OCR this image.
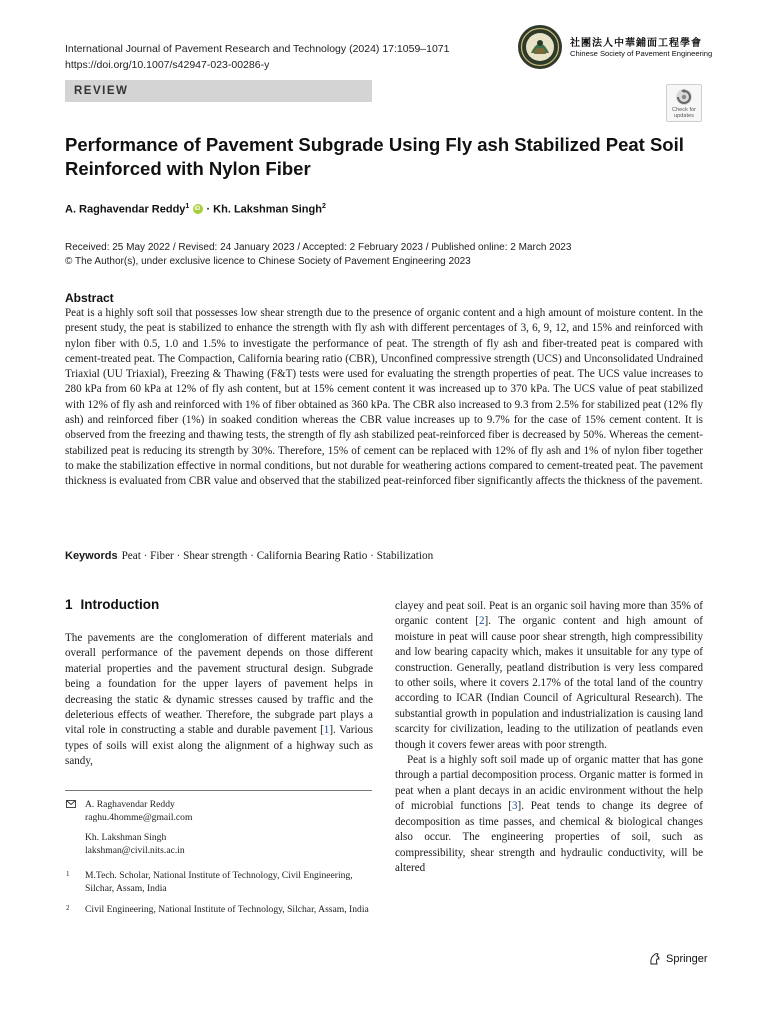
International Journal of Pavement Research and Technology (2024) 17:1059–1071
https://doi.org/10.1007/s42947-023-00286-y
社團法人中華鋪面工程學會
Chinese Society of Pavement Engineering
REVIEW
Check for
updates
Performance of Pavement Subgrade Using Fly ash Stabilized Peat Soil Reinforced with Nylon Fiber
A. Raghavendar Reddy$^1$ iD · Kh. Lakshman Singh$^2$
Received: 25 May 2022 / Revised: 24 January 2023 / Accepted: 2 February 2023 / Published online: 2 March 2023
© The Author(s), under exclusive licence to Chinese Society of Pavement Engineering 2023
Abstract
Peat is a highly soft soil that possesses low shear strength due to the presence of organic content and a high amount of moisture content. In the present study, the peat is stabilized to enhance the strength with fly ash with different percentages of 3, 6, 9, 12, and 15% and reinforced with nylon fiber with 0.5, 1.0 and 1.5% to investigate the performance of peat. The strength of fly ash and fiber-treated peat is compared with cement-treated peat. The Compaction, California bearing ratio (CBR), Unconfined compressive strength (UCS) and Unconsolidated Undrained Triaxial (UU Triaxial), Freezing & Thawing (F&T) tests were used for evaluating the strength properties of peat. The UCS value increases to 280 kPa from 60 kPa at 12% of fly ash content, but at 15% cement content it was increased up to 370 kPa. The UCS value of peat stabilized with 12% of fly ash and reinforced with 1% of fiber obtained as 360 kPa. The CBR also increased to 9.3 from 2.5% for stabilized peat (12% fly ash) and reinforced fiber (1%) in soaked condition whereas the CBR value increases up to 9.7% for the case of 15% cement content. It is observed from the freezing and thawing tests, the strength of fly ash stabilized peat-reinforced fiber is decreased by 50%. Whereas the cement-stabilized peat is reducing its strength by 30%. Therefore, 15% of cement can be replaced with 12% of fly ash and 1% of nylon fiber together to make the stabilization effective in normal conditions, but not durable for weathering actions compared to cement-treated peat. The pavement thickness is evaluated from CBR value and observed that the stabilized peat-reinforced fiber significantly affects the thickness of the pavement.
Keywords Peat · Fiber · Shear strength · California Bearing Ratio · Stabilization
1 Introduction
The pavements are the conglomeration of different materials and overall performance of the pavement depends on those different material properties and the pavement structural design. Subgrade being a foundation for the upper layers of pavement helps in decreasing the static & dynamic stresses caused by traffic and the deleterious effects of weather. Therefore, the subgrade part plays a vital role in constructing a stable and durable pavement [1]. Various types of soils will exist along the alignment of a highway such as sandy,

clayey and peat soil. Peat is an organic soil having more than 35% of organic content [2]. The organic content and high amount of moisture in peat will cause poor shear strength, high compressibility and low bearing capacity which, makes it unsuitable for any type of construction. Generally, peatland distribution is very less compared to other soils, where it covers 2.17% of the total land of the country according to ICAR (Indian Council of Agricultural Research). The substantial growth in population and industrialization is causing land scarcity for civilization, leading to the utilization of peatlands even though it covers fewer areas with poor strength.

Peat is a highly soft soil made up of organic matter that has gone through a partial decomposition process. Organic matter is formed in peat when a plant decays in an acidic environment without the help of microbial functions [3]. Peat tends to change its degree of decomposition as time passes, and chemical & biological changes also occur. The engineering properties of soil, such as compressibility, shear strength and hydraulic conductivity, will be altered

A. Raghavendar Reddy
raghu.4homme@gmail.com
Kh. Lakshman Singh
lakshman@civil.nits.ac.in
1 M.Tech. Scholar, National Institute of Technology, Civil Engineering, Silchar, Assam, India
2 Civil Engineering, National Institute of Technology, Silchar, Assam, India
Springer
